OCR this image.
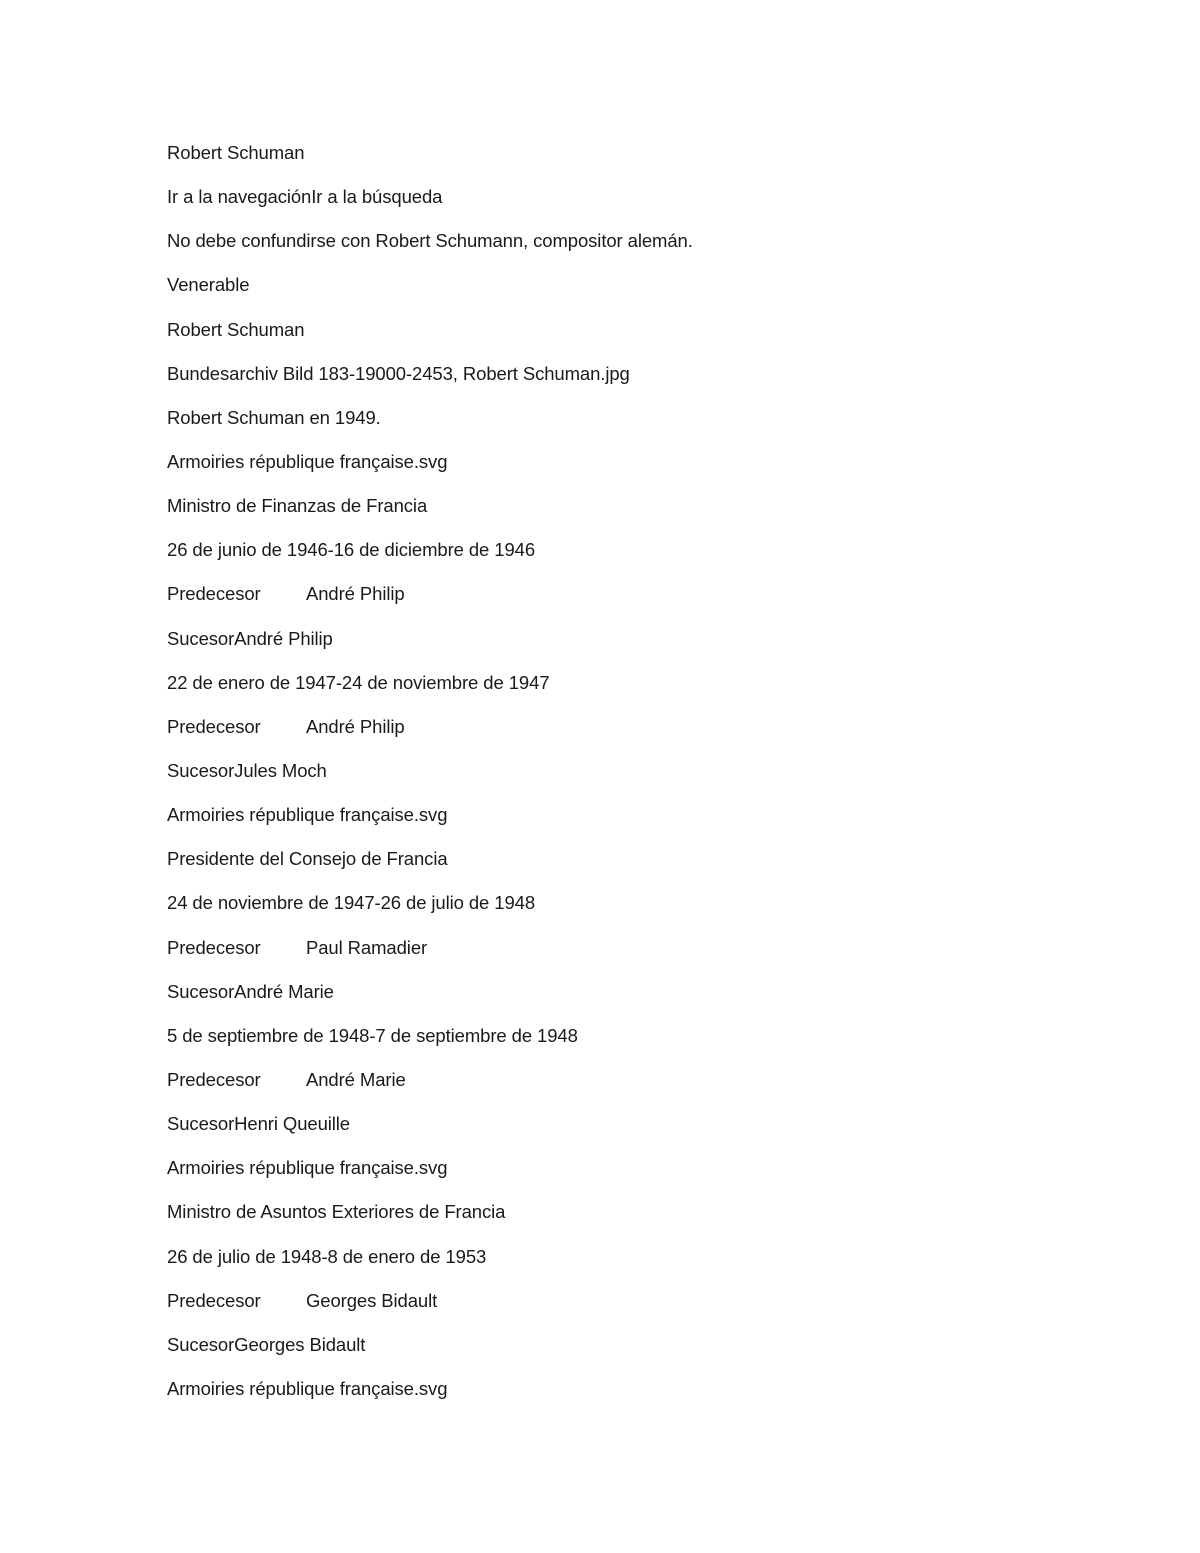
Robert Schuman
Ir a la navegaciónIr a la búsqueda
No debe confundirse con Robert Schumann, compositor alemán.
Venerable
Robert Schuman
Bundesarchiv Bild 183-19000-2453, Robert Schuman.jpg
Robert Schuman en 1949.
Armoiries république française.svg
Ministro de Finanzas de Francia
26 de junio de 1946-16 de diciembre de 1946
Predecesor André Philip
SucesorAndré Philip
22 de enero de 1947-24 de noviembre de 1947
Predecesor André Philip
SucesorJules Moch
Armoiries république française.svg
Presidente del Consejo de Francia
24 de noviembre de 1947-26 de julio de 1948
Predecesor Paul Ramadier
SucesorAndré Marie
5 de septiembre de 1948-7 de septiembre de 1948
Predecesor André Marie
SucesorHenri Queuille
Armoiries république française.svg
Ministro de Asuntos Exteriores de Francia
26 de julio de 1948-8 de enero de 1953
Predecesor Georges Bidault
SucesorGeorges Bidault
Armoiries république française.svg
